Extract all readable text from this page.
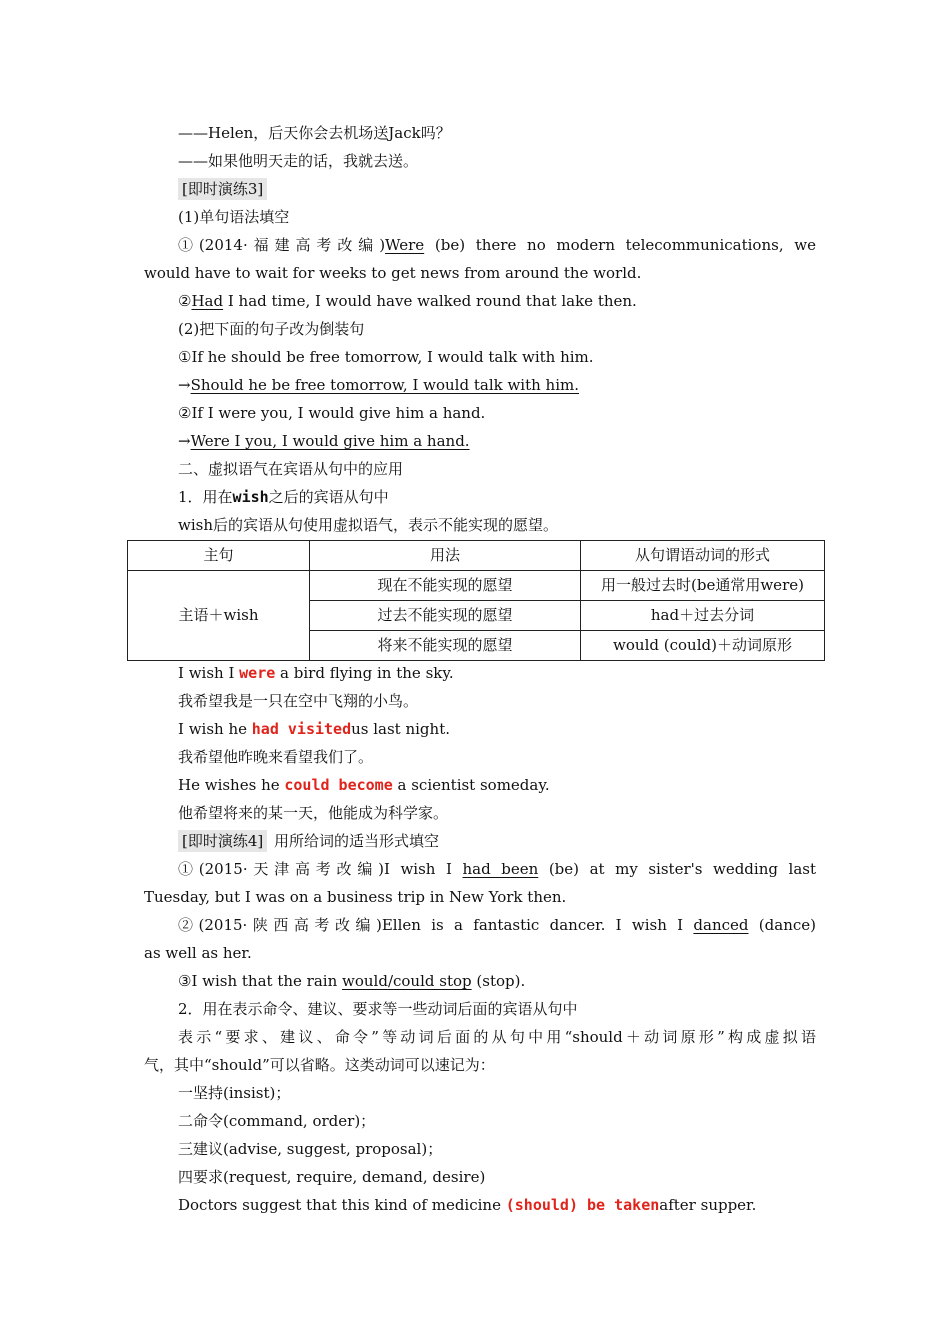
——Helen，后天你会去机场送Jack吗？
——如果他明天走的话，我就去送。
[即时演练3]
(1)单句语法填空
①(2014·福建高考改编)Were (be) there no modern telecommunications, we
would have to wait for weeks to get news from around the world.
②Had I had time, I would have walked round that lake then.
(2)把下面的句子改为倒装句
①If he should be free tomorrow, I would talk with him.
→Should he be free tomorrow, I would talk with him.
②If I were you, I would give him a hand.
→Were I you, I would give him a hand.
二、虚拟语气在宾语从句中的应用
1．用在wish之后的宾语从句中
wish后的宾语从句使用虚拟语气，表示不能实现的愿望。
主句	用法	从句谓语动词的形式
主语＋wish	现在不能实现的愿望	用一般过去时(be通常用were)
	过去不能实现的愿望	had＋过去分词
	将来不能实现的愿望	would (could)＋动词原形
I wish I were a bird flying in the sky.
我希望我是一只在空中飞翔的小鸟。
I wish he had visitedus last night.
我希望他昨晚来看望我们了。
He wishes he could become a scientist someday.
他希望将来的某一天，他能成为科学家。
[即时演练4] 用所给词的适当形式填空
①(2015·天津高考改编)I wish I had been (be) at my sister's wedding last
Tuesday, but I was on a business trip in New York then.
②(2015·陕西高考改编)Ellen is a fantastic dancer. I wish I danced (dance)
as well as her.
③I wish that the rain would/could stop (stop).
2．用在表示命令、建议、要求等一些动词后面的宾语从句中
表示“要求、建议、命令”等动词后面的从句中用“should＋动词原形”构成虚拟语
气，其中“should”可以省略。这类动词可以速记为：
一坚持(insist)；
二命令(command, order)；
三建议(advise, suggest, proposal)；
四要求(request, require, demand, desire)
Doctors suggest that this kind of medicine (should) be takenafter supper.
